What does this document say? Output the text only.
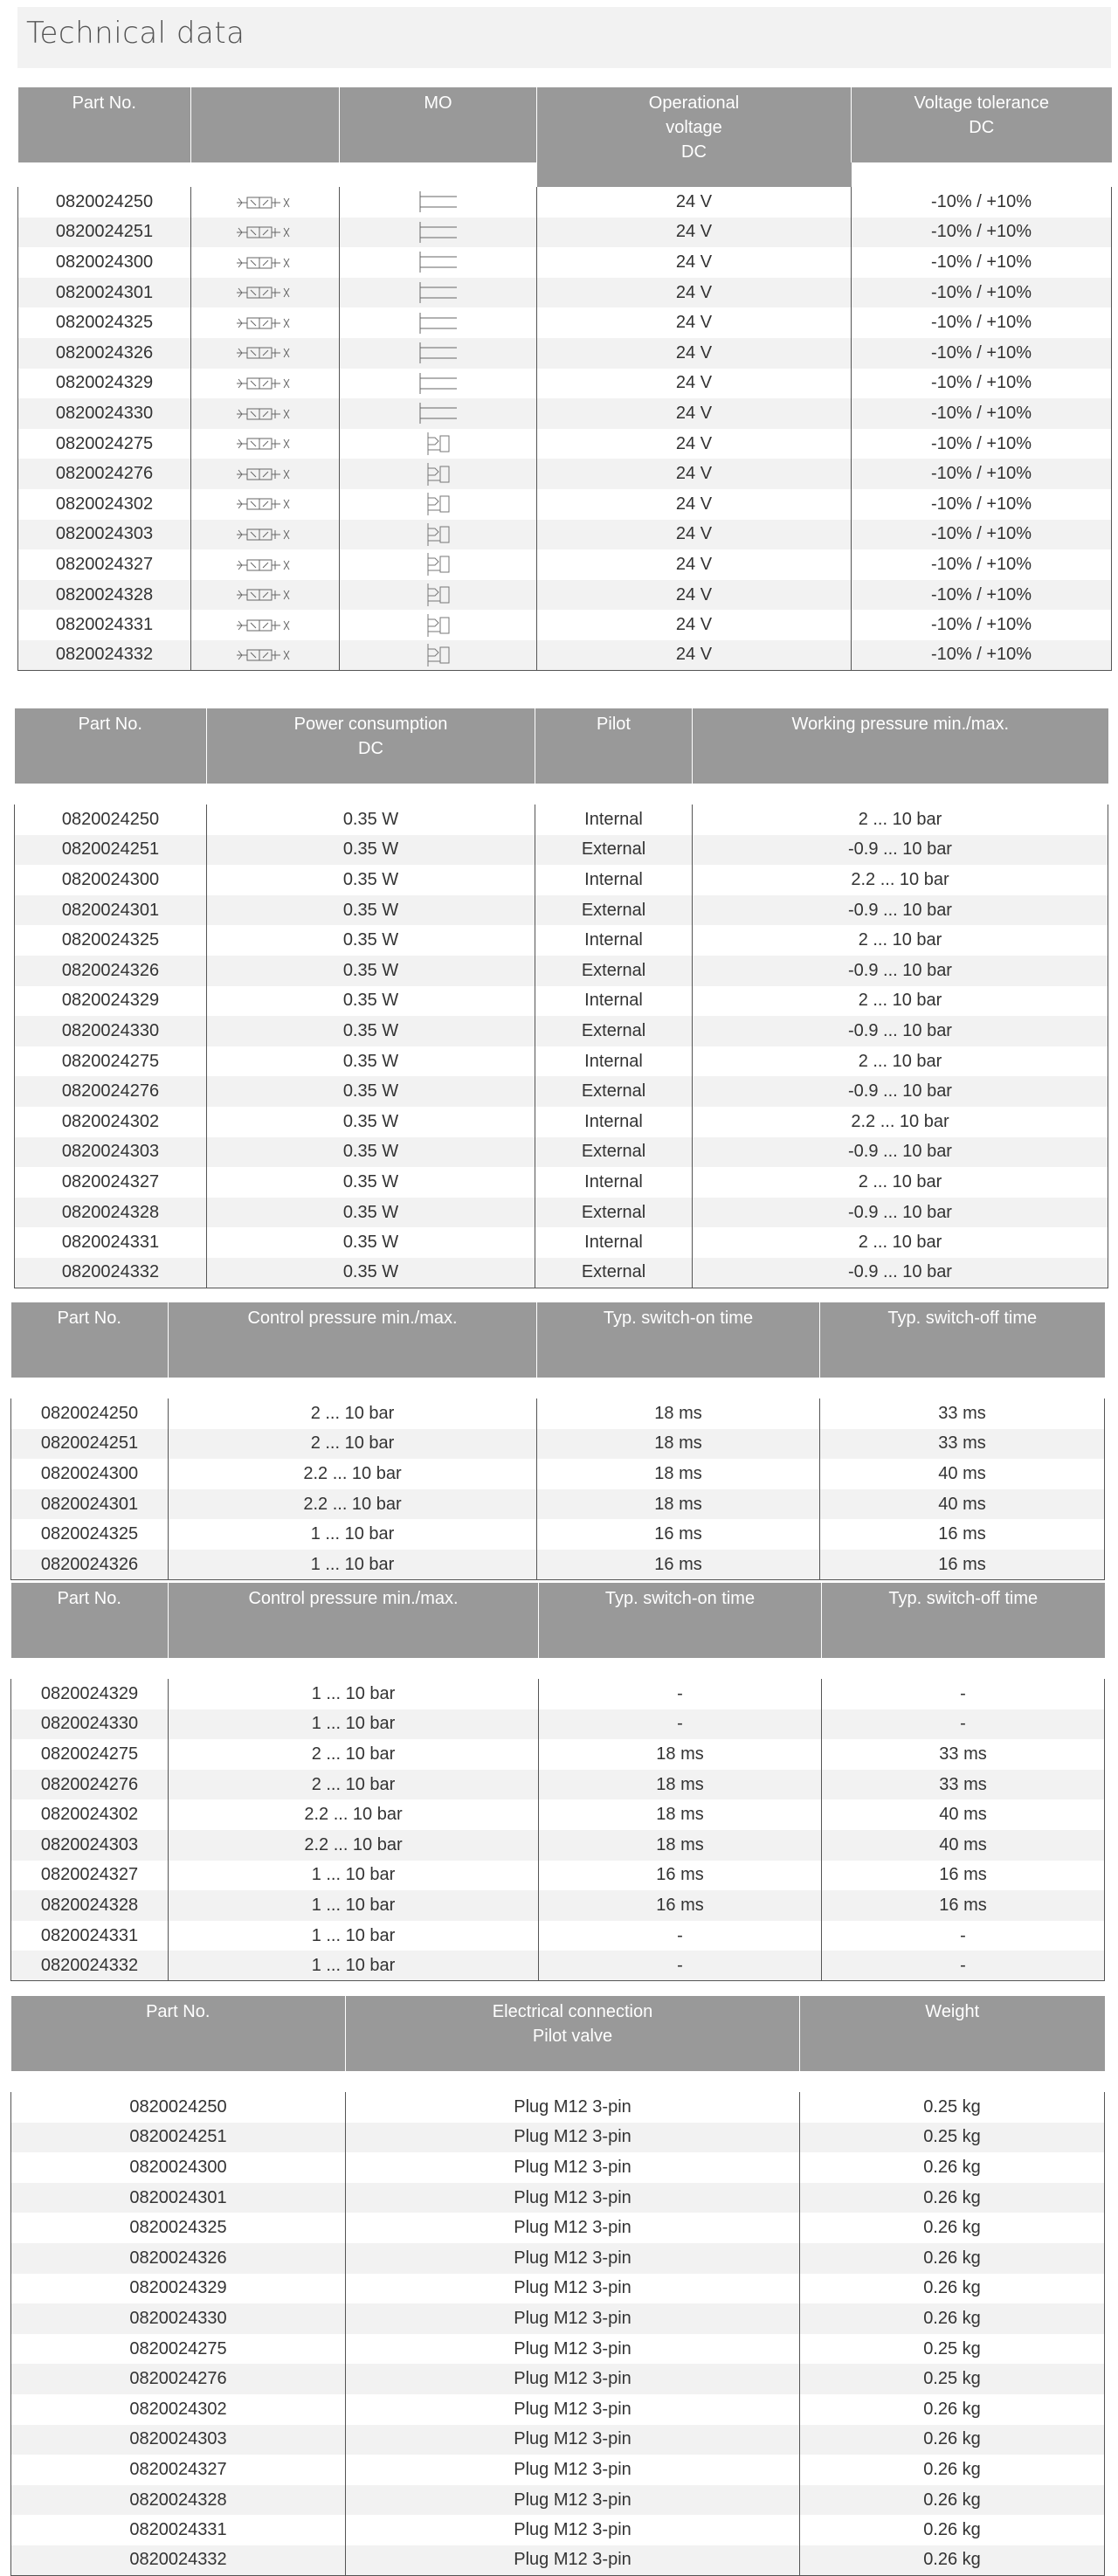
Technical data
Part No.		MO	Operational
voltage
DC	Voltage tolerance
DC

0820024250			24 V	-10% / +10%
0820024251			24 V	-10% / +10%
0820024300			24 V	-10% / +10%
0820024301			24 V	-10% / +10%
0820024325			24 V	-10% / +10%
0820024326			24 V	-10% / +10%
0820024329			24 V	-10% / +10%
0820024330			24 V	-10% / +10%
0820024275			24 V	-10% / +10%
0820024276			24 V	-10% / +10%
0820024302			24 V	-10% / +10%
0820024303			24 V	-10% / +10%
0820024327			24 V	-10% / +10%
0820024328			24 V	-10% / +10%
0820024331			24 V	-10% / +10%
0820024332			24 V	-10% / +10%
Part No.	Power consumption
DC	Pilot	Working pressure min./max.

0820024250	0.35 W	Internal	2 ... 10 bar
0820024251	0.35 W	External	-0.9 ... 10 bar
0820024300	0.35 W	Internal	2.2 ... 10 bar
0820024301	0.35 W	External	-0.9 ... 10 bar
0820024325	0.35 W	Internal	2 ... 10 bar
0820024326	0.35 W	External	-0.9 ... 10 bar
0820024329	0.35 W	Internal	2 ... 10 bar
0820024330	0.35 W	External	-0.9 ... 10 bar
0820024275	0.35 W	Internal	2 ... 10 bar
0820024276	0.35 W	External	-0.9 ... 10 bar
0820024302	0.35 W	Internal	2.2 ... 10 bar
0820024303	0.35 W	External	-0.9 ... 10 bar
0820024327	0.35 W	Internal	2 ... 10 bar
0820024328	0.35 W	External	-0.9 ... 10 bar
0820024331	0.35 W	Internal	2 ... 10 bar
0820024332	0.35 W	External	-0.9 ... 10 bar
Part No.	Control pressure min./max.	Typ. switch-on time	Typ. switch-off time

0820024250	2 ... 10 bar	18 ms	33 ms
0820024251	2 ... 10 bar	18 ms	33 ms
0820024300	2.2 ... 10 bar	18 ms	40 ms
0820024301	2.2 ... 10 bar	18 ms	40 ms
0820024325	1 ... 10 bar	16 ms	16 ms
0820024326	1 ... 10 bar	16 ms	16 ms
Part No.	Control pressure min./max.	Typ. switch-on time	Typ. switch-off time

0820024329	1 ... 10 bar	-	-
0820024330	1 ... 10 bar	-	-
0820024275	2 ... 10 bar	18 ms	33 ms
0820024276	2 ... 10 bar	18 ms	33 ms
0820024302	2.2 ... 10 bar	18 ms	40 ms
0820024303	2.2 ... 10 bar	18 ms	40 ms
0820024327	1 ... 10 bar	16 ms	16 ms
0820024328	1 ... 10 bar	16 ms	16 ms
0820024331	1 ... 10 bar	-	-
0820024332	1 ... 10 bar	-	-
Part No.	Electrical connection
Pilot valve	Weight

0820024250	Plug M12 3-pin	0.25 kg
0820024251	Plug M12 3-pin	0.25 kg
0820024300	Plug M12 3-pin	0.26 kg
0820024301	Plug M12 3-pin	0.26 kg
0820024325	Plug M12 3-pin	0.26 kg
0820024326	Plug M12 3-pin	0.26 kg
0820024329	Plug M12 3-pin	0.26 kg
0820024330	Plug M12 3-pin	0.26 kg
0820024275	Plug M12 3-pin	0.25 kg
0820024276	Plug M12 3-pin	0.25 kg
0820024302	Plug M12 3-pin	0.26 kg
0820024303	Plug M12 3-pin	0.26 kg
0820024327	Plug M12 3-pin	0.26 kg
0820024328	Plug M12 3-pin	0.26 kg
0820024331	Plug M12 3-pin	0.26 kg
0820024332	Plug M12 3-pin	0.26 kg
